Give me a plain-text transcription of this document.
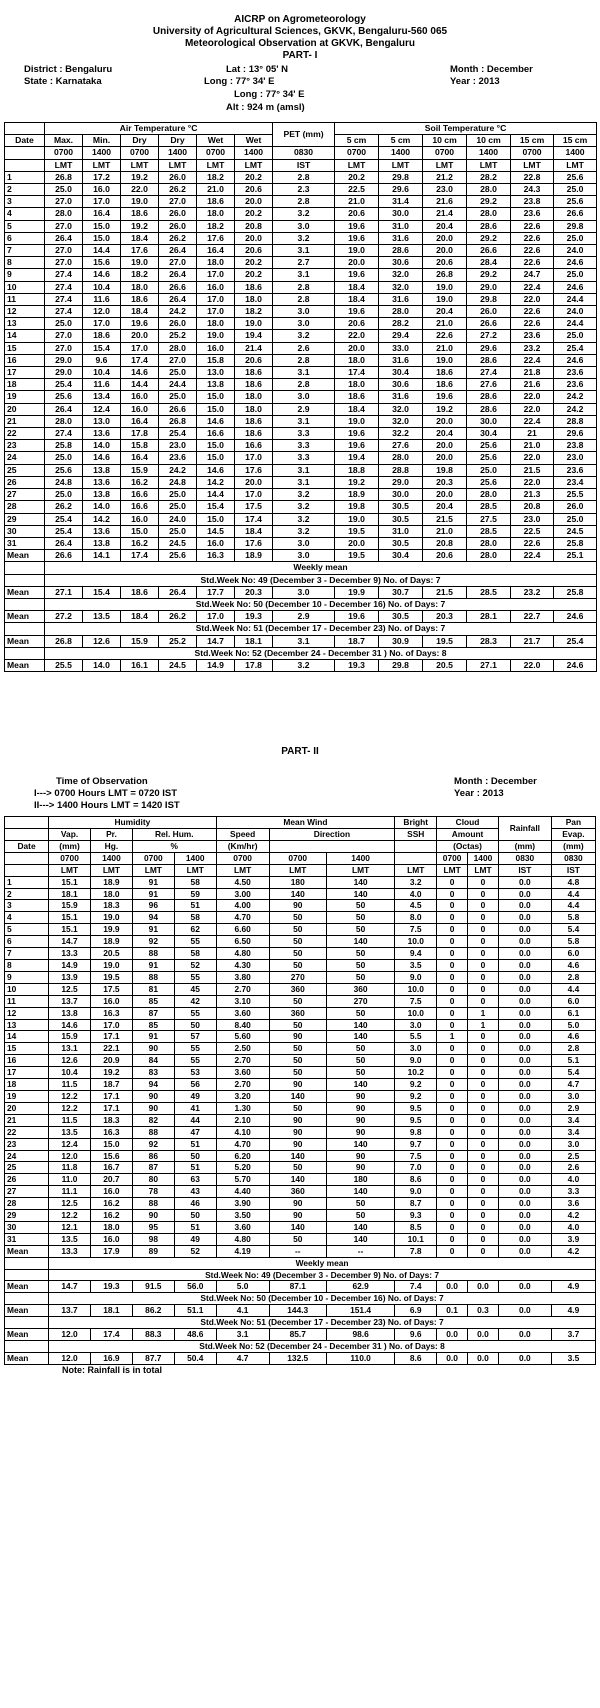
AICRP on Agrometeorology
University of Agricultural Sciences, GKVK, Bengaluru-560 065
Meteorological Observation at GKVK, Bengaluru
PART- I
District : Bengaluru	Lat : 13° 05' N	Month : December
State : Karnataka	Long : 77° 34' E	Year : 2013
Long : 77° 34' E
Alt : 924 m (amsl)
	Air Temperature °C						PET (mm)	Soil Temperature °C					
Date	Max.	Min.	Dry	Dry	Wet	Wet		5 cm	5 cm	10 cm	10 cm	15 cm	15 cm
	0700	1400	0700	1400	0700	1400	0830	0700	1400	0700	1400	0700	1400
	LMT	LMT	LMT	LMT	LMT	LMT	IST	LMT	LMT	LMT	LMT	LMT	LMT
1	26.8	17.2	19.2	26.0	18.2	20.2	2.8	20.2	29.8	21.2	28.2	22.8	25.6
2	25.0	16.0	22.0	26.2	21.0	20.6	2.3	22.5	29.6	23.0	28.0	24.3	25.0
3	27.0	17.0	19.0	27.0	18.6	20.0	2.8	21.0	31.4	21.6	29.2	23.8	25.6
4	28.0	16.4	18.6	26.0	18.0	20.2	3.2	20.6	30.0	21.4	28.0	23.6	26.6
5	27.0	15.0	19.2	26.0	18.2	20.8	3.0	19.6	31.0	20.4	28.6	22.6	29.8
6	26.4	15.0	18.4	26.2	17.6	20.0	3.2	19.6	31.6	20.0	29.2	22.6	25.0
7	27.0	14.4	17.6	26.4	16.4	20.6	3.1	19.0	28.6	20.0	26.6	22.6	24.0
8	27.0	15.6	19.0	27.0	18.0	20.2	2.7	20.0	30.6	20.6	28.4	22.6	24.6
9	27.4	14.6	18.2	26.4	17.0	20.2	3.1	19.6	32.0	26.8	29.2	24.7	25.0
10	27.4	10.4	18.0	26.6	16.0	18.6	2.8	18.4	32.0	19.0	29.0	22.4	24.6
11	27.4	11.6	18.6	26.4	17.0	18.0	2.8	18.4	31.6	19.0	29.8	22.0	24.4
12	27.4	12.0	18.4	24.2	17.0	18.2	3.0	19.6	28.0	20.4	26.0	22.6	24.0
13	25.0	17.0	19.6	26.0	18.0	19.0	3.0	20.6	28.2	21.0	26.6	22.6	24.4
14	27.0	18.6	20.0	25.2	19.0	19.4	3.2	22.0	29.4	22.6	27.2	23.6	25.0
15	27.0	15.4	17.0	28.0	16.0	21.4	2.6	20.0	33.0	21.0	29.6	23.2	25.4
16	29.0	9.6	17.4	27.0	15.8	20.6	2.8	18.0	31.6	19.0	28.6	22.4	24.6
17	29.0	10.4	14.6	25.0	13.0	18.6	3.1	17.4	30.4	18.6	27.4	21.8	23.6
18	25.4	11.6	14.4	24.4	13.8	18.6	2.8	18.0	30.6	18.6	27.6	21.6	23.6
19	25.6	13.4	16.0	25.0	15.0	18.0	3.0	18.6	31.6	19.6	28.6	22.0	24.2
20	26.4	12.4	16.0	26.6	15.0	18.0	2.9	18.4	32.0	19.2	28.6	22.0	24.2
21	28.0	13.0	16.4	26.8	14.6	18.6	3.1	19.0	32.0	20.0	30.0	22.4	28.8
22	27.4	13.6	17.8	25.4	16.6	18.6	3.3	19.6	32.2	20.4	30.4	21	29.6
23	25.8	14.0	15.8	23.0	15.0	16.6	3.3	19.6	27.6	20.0	25.6	21.0	23.8
24	25.0	14.6	16.4	23.6	15.0	17.0	3.3	19.4	28.0	20.0	25.6	22.0	23.0
25	25.6	13.8	15.9	24.2	14.6	17.6	3.1	18.8	28.8	19.8	25.0	21.5	23.6
26	24.8	13.6	16.2	24.8	14.2	20.0	3.1	19.2	29.0	20.3	25.6	22.0	23.4
27	25.0	13.8	16.6	25.0	14.4	17.0	3.2	18.9	30.0	20.0	28.0	21.3	25.5
28	26.2	14.0	16.6	25.0	15.4	17.5	3.2	19.8	30.5	20.4	28.5	20.8	26.0
29	25.4	14.2	16.0	24.0	15.0	17.4	3.2	19.0	30.5	21.5	27.5	23.0	25.0
30	25.4	13.6	15.0	25.0	14.5	18.4	3.2	19.5	31.0	21.0	28.5	22.5	24.5
31	26.4	13.8	16.2	24.5	16.0	17.6	3.0	20.0	30.5	20.8	28.0	22.6	25.8
Mean	26.6	14.1	17.4	25.6	16.3	18.9	3.0	19.5	30.4	20.6	28.0	22.4	25.1
	Weekly mean												
	Std.Week No: 49 (December 3 - December 9) No. of Days: 7												
Mean	27.1	15.4	18.6	26.4	17.7	20.3	3.0	19.9	30.7	21.5	28.5	23.2	25.8
	Std.Week No: 50 (December 10 - December 16) No. of Days: 7												
Mean	27.2	13.5	18.4	26.2	17.0	19.3	2.9	19.6	30.5	20.3	28.1	22.7	24.6
	Std.Week No: 51 (December 17 - December 23) No. of Days: 7												
Mean	26.8	12.6	15.9	25.2	14.7	18.1	3.1	18.7	30.9	19.5	28.3	21.7	25.4
	Std.Week No: 52 (December 24 - December 31 ) No. of Days: 8												
Mean	25.5	14.0	16.1	24.5	14.9	17.8	3.2	19.3	29.8	20.5	27.1	22.0	24.6
PART- II
Time of Observation
I---> 0700 Hours LMT = 0720 IST
II---> 1400 Hours LMT = 1420 IST
Month : December
Year : 2013
	Humidity				Mean Wind			Bright	Cloud		Rainfall	Pan
	Vap.	Pr.	Rel. Hum.		Speed	Direction		SSH	Amount			Evap.
Date	(mm)	Hg.	%		(Km/hr)				(Octas)		(mm)	(mm)
	0700	1400	0700	1400	0700	0700	1400		0700	1400	0830	0830
	LMT	LMT	LMT	LMT	LMT	LMT	LMT	LMT	LMT	LMT	IST	IST
1	15.1	18.9	91	58	4.50	180	140	3.2	0	0	0.0	4.8
2	18.1	18.0	91	59	3.00	140	140	4.0	0	0	0.0	4.4
3	15.9	18.3	96	51	4.00	90	50	4.5	0	0	0.0	4.4
4	15.1	19.0	94	58	4.70	50	50	8.0	0	0	0.0	5.8
5	15.1	19.9	91	62	6.60	50	50	7.5	0	0	0.0	5.4
6	14.7	18.9	92	55	6.50	50	140	10.0	0	0	0.0	5.8
7	13.3	20.5	88	58	4.80	50	50	9.4	0	0	0.0	6.0
8	14.9	19.0	91	52	4.30	50	50	3.5	0	0	0.0	4.6
9	13.9	19.5	88	55	3.80	270	50	9.0	0	0	0.0	2.8
10	12.5	17.5	81	45	2.70	360	360	10.0	0	0	0.0	4.4
11	13.7	16.0	85	42	3.10	50	270	7.5	0	0	0.0	6.0
12	13.8	16.3	87	55	3.60	360	50	10.0	0	1	0.0	6.1
13	14.6	17.0	85	50	8.40	50	140	3.0	0	1	0.0	5.0
14	15.9	17.1	91	57	5.60	90	140	5.5	1	0	0.0	4.6
15	13.1	22.1	90	55	2.50	50	50	3.0	0	0	0.0	2.8
16	12.6	20.9	84	55	2.70	50	50	9.0	0	0	0.0	5.1
17	10.4	19.2	83	53	3.60	50	50	10.2	0	0	0.0	5.4
18	11.5	18.7	94	56	2.70	90	140	9.2	0	0	0.0	4.7
19	12.2	17.1	90	49	3.20	140	90	9.2	0	0	0.0	3.0
20	12.2	17.1	90	41	1.30	50	90	9.5	0	0	0.0	2.9
21	11.5	18.3	82	44	2.10	90	90	9.5	0	0	0.0	3.4
22	13.5	16.3	88	47	4.10	90	90	9.8	0	0	0.0	3.4
23	12.4	15.0	92	51	4.70	90	140	9.7	0	0	0.0	3.0
24	12.0	15.6	86	50	6.20	140	90	7.5	0	0	0.0	2.5
25	11.8	16.7	87	51	5.20	50	90	7.0	0	0	0.0	2.6
26	11.0	20.7	80	63	5.70	140	180	8.6	0	0	0.0	4.0
27	11.1	16.0	78	43	4.40	360	140	9.0	0	0	0.0	3.3
28	12.5	16.2	88	46	3.90	90	50	8.7	0	0	0.0	3.6
29	12.2	16.2	90	50	3.50	90	50	9.3	0	0	0.0	4.2
30	12.1	18.0	95	51	3.60	140	140	8.5	0	0	0.0	4.0
31	13.5	16.0	98	49	4.80	50	140	10.1	0	0	0.0	3.9
Mean	13.3	17.9	89	52	4.19	--	--	7.8	0	0	0.0	4.2
	Weekly mean											
	Std.Week No: 49 (December 3 - December 9) No. of Days: 7											
Mean	14.7	19.3	91.5	56.0	5.0	87.1	62.9	7.4	0.0	0.0	0.0	4.9
	Std.Week No: 50 (December 10 - December 16) No. of Days: 7											
Mean	13.7	18.1	86.2	51.1	4.1	144.3	151.4	6.9	0.1	0.3	0.0	4.9
	Std.Week No: 51 (December 17 - December 23) No. of Days: 7											
Mean	12.0	17.4	88.3	48.6	3.1	85.7	98.6	9.6	0.0	0.0	0.0	3.7
	Std.Week No: 52 (December 24 - December 31 ) No. of Days: 8											
Mean	12.0	16.9	87.7	50.4	4.7	132.5	110.0	8.6	0.0	0.0	0.0	3.5
Note: Rainfall is in total
